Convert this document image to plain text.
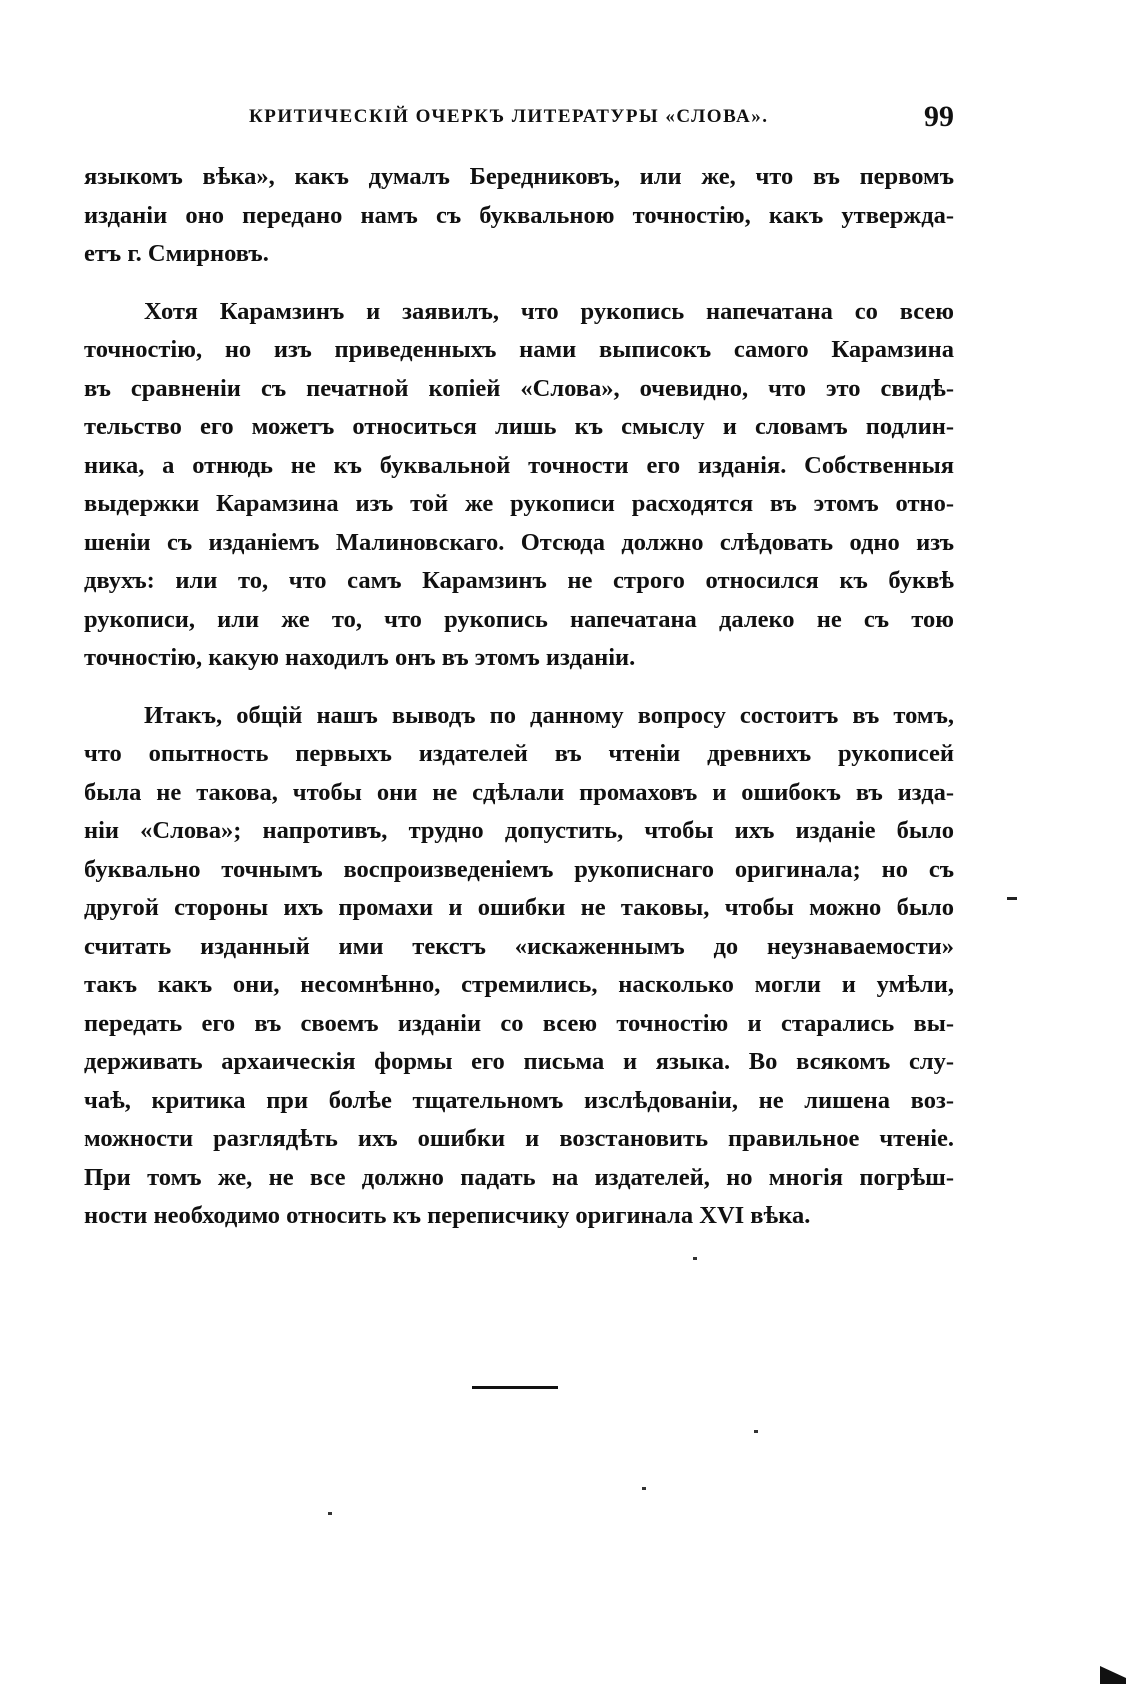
КРИТИЧЕСКІЙ ОЧЕРКЪ ЛИТЕРАТУРЫ «СЛОВА».	99
языкомъ вѣка», какъ думалъ Бередниковъ, или же, что въ первомъ
изданіи оно передано намъ съ буквальною точностію, какъ утвержда-
етъ г. Смирновъ.
Хотя Карамзинъ и заявилъ, что рукопись напечатана со всею
точностію, но изъ приведенныхъ нами выписокъ самого Карамзина
въ сравненіи съ печатной копіей «Слова», очевидно, что это свидѣ-
тельство его можетъ относиться лишь къ смыслу и словамъ подлин-
ника, а отнюдь не къ буквальной точности его изданія. Собственныя
выдержки Карамзина изъ той же рукописи расходятся въ этомъ отно-
шеніи съ изданіемъ Малиновскаго. Отсюда должно слѣдовать одно изъ
двухъ: или то, что самъ Карамзинъ не строго относился къ буквѣ
рукописи, или же то, что рукопись напечатана далеко не съ тою
точностію, какую находилъ онъ въ этомъ изданіи.
Итакъ, общій нашъ выводъ по данному вопросу состоитъ въ томъ,
что опытность первыхъ издателей въ чтеніи древнихъ рукописей
была не такова, чтобы они не сдѣлали промаховъ и ошибокъ въ изда-
ніи «Слова»; напротивъ, трудно допустить, чтобы ихъ изданіе было
буквально точнымъ воспроизведеніемъ рукописнаго оригинала; но съ
другой стороны ихъ промахи и ошибки не таковы, чтобы можно было
считать изданный ими текстъ «искаженнымъ до неузнаваемости»
такъ какъ они, несомнѣнно, стремились, насколько могли и умѣли,
передать его въ своемъ изданіи со всею точностію и старались вы-
держивать архаическія формы его письма и языка. Во всякомъ слу-
чаѣ, критика при болѣе тщательномъ изслѣдованіи, не лишена воз-
можности разглядѣть ихъ ошибки и возстановить правильное чтеніе.
При томъ же, не все должно падать на издателей, но многія погрѣш-
ности необходимо относить къ переписчику оригинала XVI вѣка.
